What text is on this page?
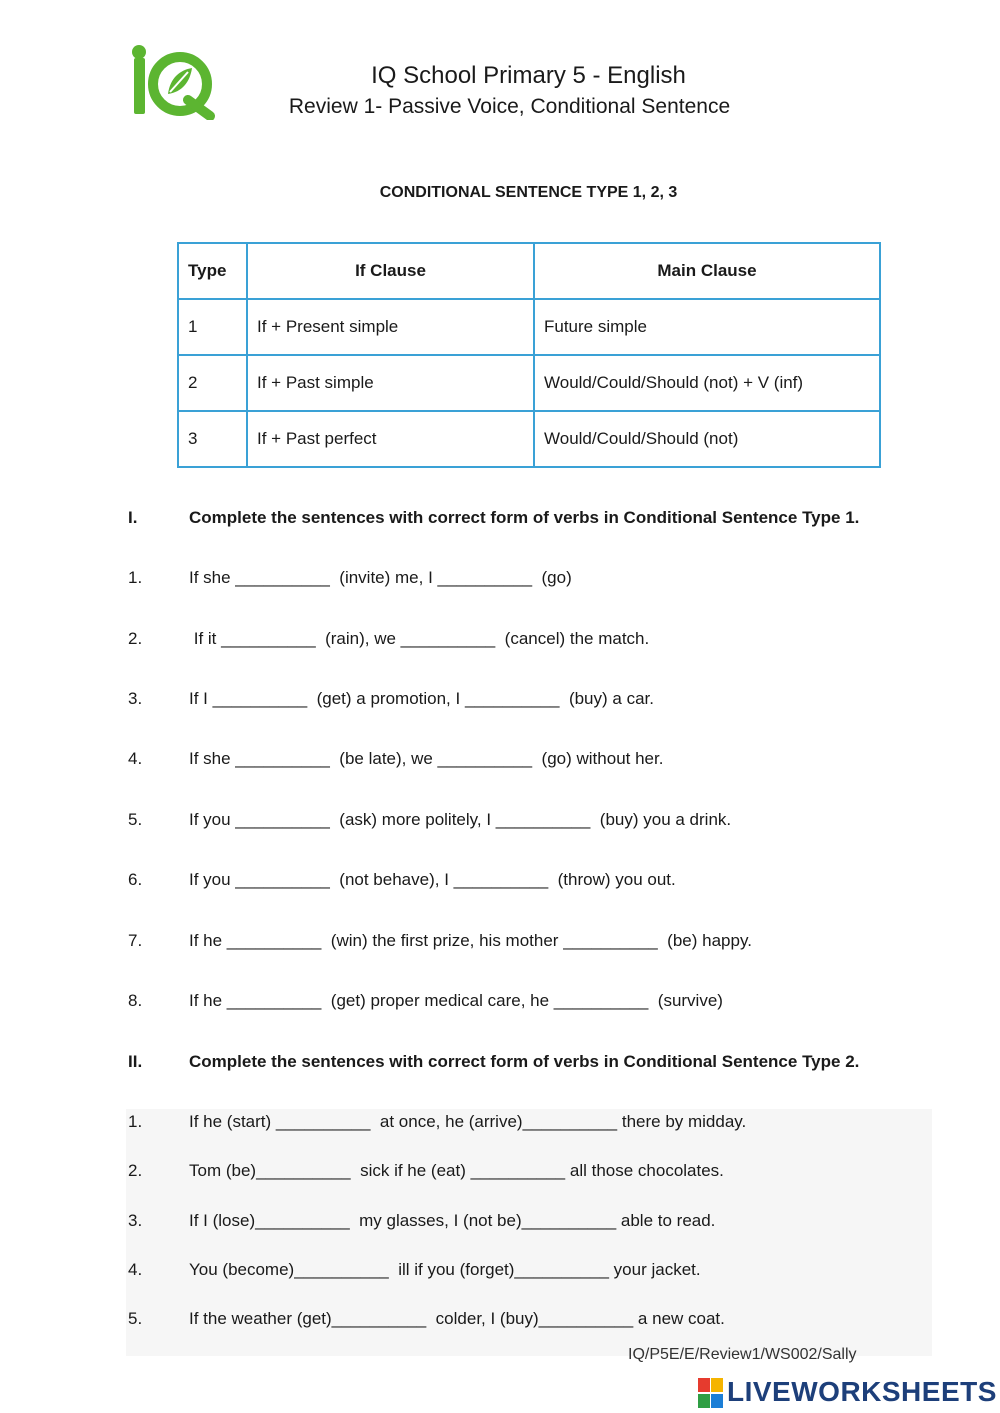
IQ School Primary 5 - English
Review 1- Passive Voice, Conditional Sentence
CONDITIONAL SENTENCE TYPE 1, 2, 3
Type	If Clause	Main Clause
1	If + Present simple	Future simple
2	If + Past simple	Would/Could/Should (not) + V (inf)
3	If + Past perfect	Would/Could/Should (not)
I.	Complete the sentences with correct form of verbs in Conditional Sentence Type 1.
1.	If she __________  (invite) me, I __________  (go)
2.	If it __________  (rain), we __________  (cancel) the match.
3.	If I __________  (get) a promotion, I __________  (buy) a car.
4.	If she __________  (be late), we __________  (go) without her.
5.	If you __________  (ask) more politely, I __________  (buy) you a drink.
6.	If you __________  (not behave), I __________  (throw) you out.
7.	If he __________  (win) the first prize, his mother __________  (be) happy.
8.	If he __________  (get) proper medical care, he __________  (survive)
II.	Complete the sentences with correct form of verbs in Conditional Sentence Type 2.
1.	If he (start) __________  at once, he (arrive)__________ there by midday.
2.	Tom (be)__________  sick if he (eat) __________ all those chocolates.
3.	If I (lose)__________  my glasses, I (not be)__________ able to read.
4.	You (become)__________  ill if you (forget)__________ your jacket.
5.	If the weather (get)__________  colder, I (buy)__________ a new coat.
IQ/P5E/E/Review1/WS002/Sally
LIVEWORKSHEETS
